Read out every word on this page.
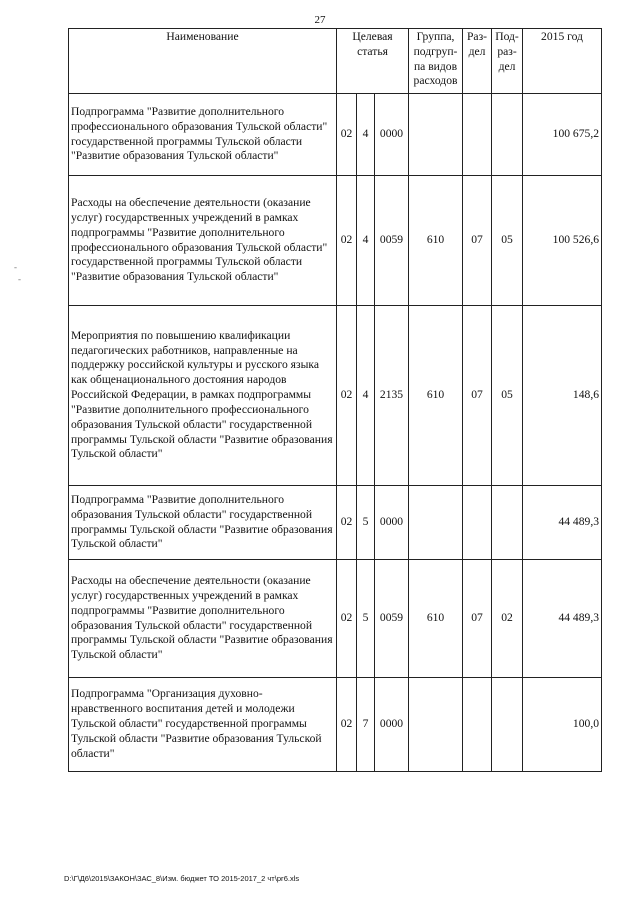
27
-
-
Наименование	Целевая статья			Группа, подгруп-па видов расходов	Раз-дел	Под-раз-дел	2015 год
Подпрограмма "Развитие дополнительного профессионального образования Тульской области" государственной программы Тульской области "Развитие образования Тульской области"	02	4	0000				100 675,2
Расходы на обеспечение деятельности (оказание услуг) государственных учреждений в рамках подпрограммы "Развитие дополнительного профессионального образования Тульской области" государственной программы Тульской области "Развитие образования Тульской области"	02	4	0059	610	07	05	100 526,6
Мероприятия по повышению квалификации педагогических работников, направленные на поддержку российской культуры и русского языка как общенационального достояния народов Российской Федерации, в рамках подпрограммы "Развитие дополнительного профессионального образования Тульской области" государственной программы Тульской области "Развитие образования Тульской области"	02	4	2135	610	07	05	148,6
Подпрограмма "Развитие дополнительного образования Тульской области" государственной программы Тульской области "Развитие образования Тульской области"	02	5	0000				44 489,3
Расходы на обеспечение деятельности (оказание услуг) государственных учреждений в рамках подпрограммы "Развитие дополнительного образования Тульской области" государственной программы Тульской области "Развитие образования Тульской области"	02	5	0059	610	07	02	44 489,3
Подпрограмма "Организация духовно-нравственного воспитания детей и молодежи Тульской области" государственной программы Тульской области "Развитие образования Тульской области"	02	7	0000				100,0
D:\Г\Д6\2015\ЗАКОН\ЗАС_8\Изм. бюджет ТО 2015-2017_2 чт\рг6.xls
